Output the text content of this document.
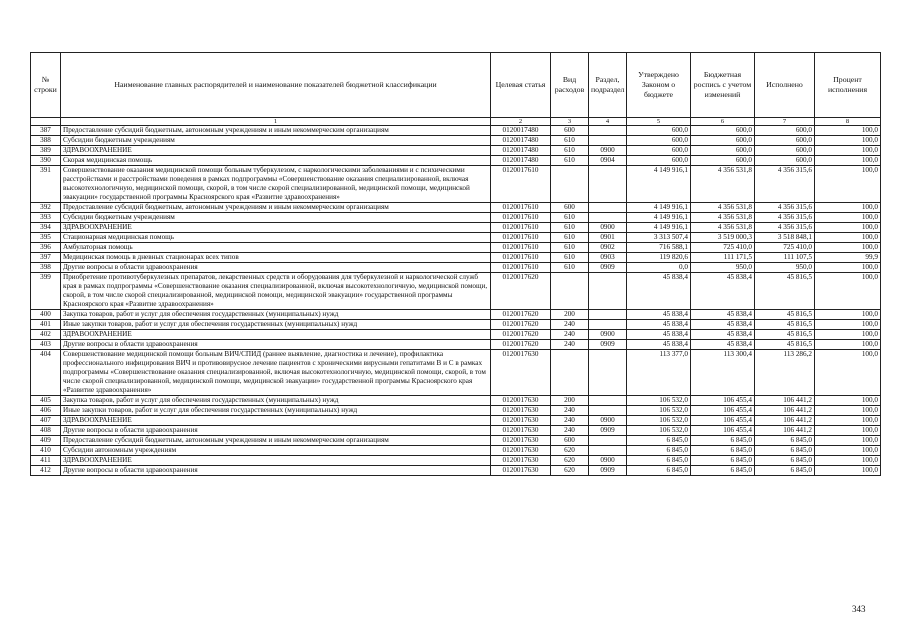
№ строки	Наименование главных распорядителей и наименование показателей бюджетной классификации	Целевая статья	Вид расходов	Раздел, подраздел	Утверждено Законом о бюджете	Бюджетная роспись с учетом изменений	Исполнено	Процент исполнения
	1	2	3	4	5	6	7	8
387	Предоставление субсидий бюджетным, автономным учреждениям и иным некоммерческим организациям	0120017480	600		600,0	600,0	600,0	100,0
388	Субсидии бюджетным учреждениям	0120017480	610		600,0	600,0	600,0	100,0
389	ЗДРАВООХРАНЕНИЕ	0120017480	610	0900	600,0	600,0	600,0	100,0
390	Скорая медицинская помощь	0120017480	610	0904	600,0	600,0	600,0	100,0
391	Совершенствование оказания медицинской помощи больным туберкулезом, с наркологическими заболеваниями и с психическими расстройствами и расстройствами поведения в рамках подпрограммы «Совершенствование оказания специализированной, включая высокотехнологичную, медицинской помощи, скорой, в том числе скорой специализированной, медицинской помощи, медицинской эвакуации» государственной программы Красноярского края «Развитие здравоохранения»	0120017610			4 149 916,1	4 356 531,8	4 356 315,6	100,0
392	Предоставление субсидий бюджетным, автономным учреждениям и иным некоммерческим организациям	0120017610	600		4 149 916,1	4 356 531,8	4 356 315,6	100,0
393	Субсидии бюджетным учреждениям	0120017610	610		4 149 916,1	4 356 531,8	4 356 315,6	100,0
394	ЗДРАВООХРАНЕНИЕ	0120017610	610	0900	4 149 916,1	4 356 531,8	4 356 315,6	100,0
395	Стационарная медицинская помощь	0120017610	610	0901	3 313 507,4	3 519 000,3	3 518 848,1	100,0
396	Амбулаторная помощь	0120017610	610	0902	716 588,1	725 410,0	725 410,0	100,0
397	Медицинская помощь в дневных стационарах всех типов	0120017610	610	0903	119 820,6	111 171,5	111 107,5	99,9
398	Другие вопросы в области здравоохранения	0120017610	610	0909	0,0	950,0	950,0	100,0
399	Приобретение противотуберкулезных препаратов, лекарственных средств и оборудования для туберкулезной и наркологической служб края в рамках подпрограммы «Совершенствование оказания специализированной, включая высокотехнологичную, медицинской помощи, скорой, в том числе скорой специализированной, медицинской помощи, медицинской эвакуации» государственной программы Красноярского края «Развитие здравоохранения»	0120017620			45 838,4	45 838,4	45 816,5	100,0
400	Закупка товаров, работ и услуг для обеспечения государственных (муниципальных) нужд	0120017620	200		45 838,4	45 838,4	45 816,5	100,0
401	Иные закупки товаров, работ и услуг для обеспечения государственных (муниципальных) нужд	0120017620	240		45 838,4	45 838,4	45 816,5	100,0
402	ЗДРАВООХРАНЕНИЕ	0120017620	240	0900	45 838,4	45 838,4	45 816,5	100,0
403	Другие вопросы в области здравоохранения	0120017620	240	0909	45 838,4	45 838,4	45 816,5	100,0
404	Совершенствование медицинской помощи больным ВИЧ/СПИД (раннее выявление, диагностика и лечение), профилактика профессионального инфицирования ВИЧ и противовирусное лечение пациентов с хроническими вирусными гепатитами В и С в рамках подпрограммы «Совершенствование оказания специализированной, включая высокотехнологичную, медицинской помощи, скорой, в том числе скорой специализированной, медицинской помощи, медицинской эвакуации» государственной программы Красноярского края «Развитие здравоохранения»	0120017630			113 377,0	113 300,4	113 286,2	100,0
405	Закупка товаров, работ и услуг для обеспечения государственных (муниципальных) нужд	0120017630	200		106 532,0	106 455,4	106 441,2	100,0
406	Иные закупки товаров, работ и услуг для обеспечения государственных (муниципальных) нужд	0120017630	240		106 532,0	106 455,4	106 441,2	100,0
407	ЗДРАВООХРАНЕНИЕ	0120017630	240	0900	106 532,0	106 455,4	106 441,2	100,0
408	Другие вопросы в области здравоохранения	0120017630	240	0909	106 532,0	106 455,4	106 441,2	100,0
409	Предоставление субсидий бюджетным, автономным учреждениям и иным некоммерческим организациям	0120017630	600		6 845,0	6 845,0	6 845,0	100,0
410	Субсидии автономным учреждениям	0120017630	620		6 845,0	6 845,0	6 845,0	100,0
411	ЗДРАВООХРАНЕНИЕ	0120017630	620	0900	6 845,0	6 845,0	6 845,0	100,0
412	Другие вопросы в области здравоохранения	0120017630	620	0909	6 845,0	6 845,0	6 845,0	100,0
343
